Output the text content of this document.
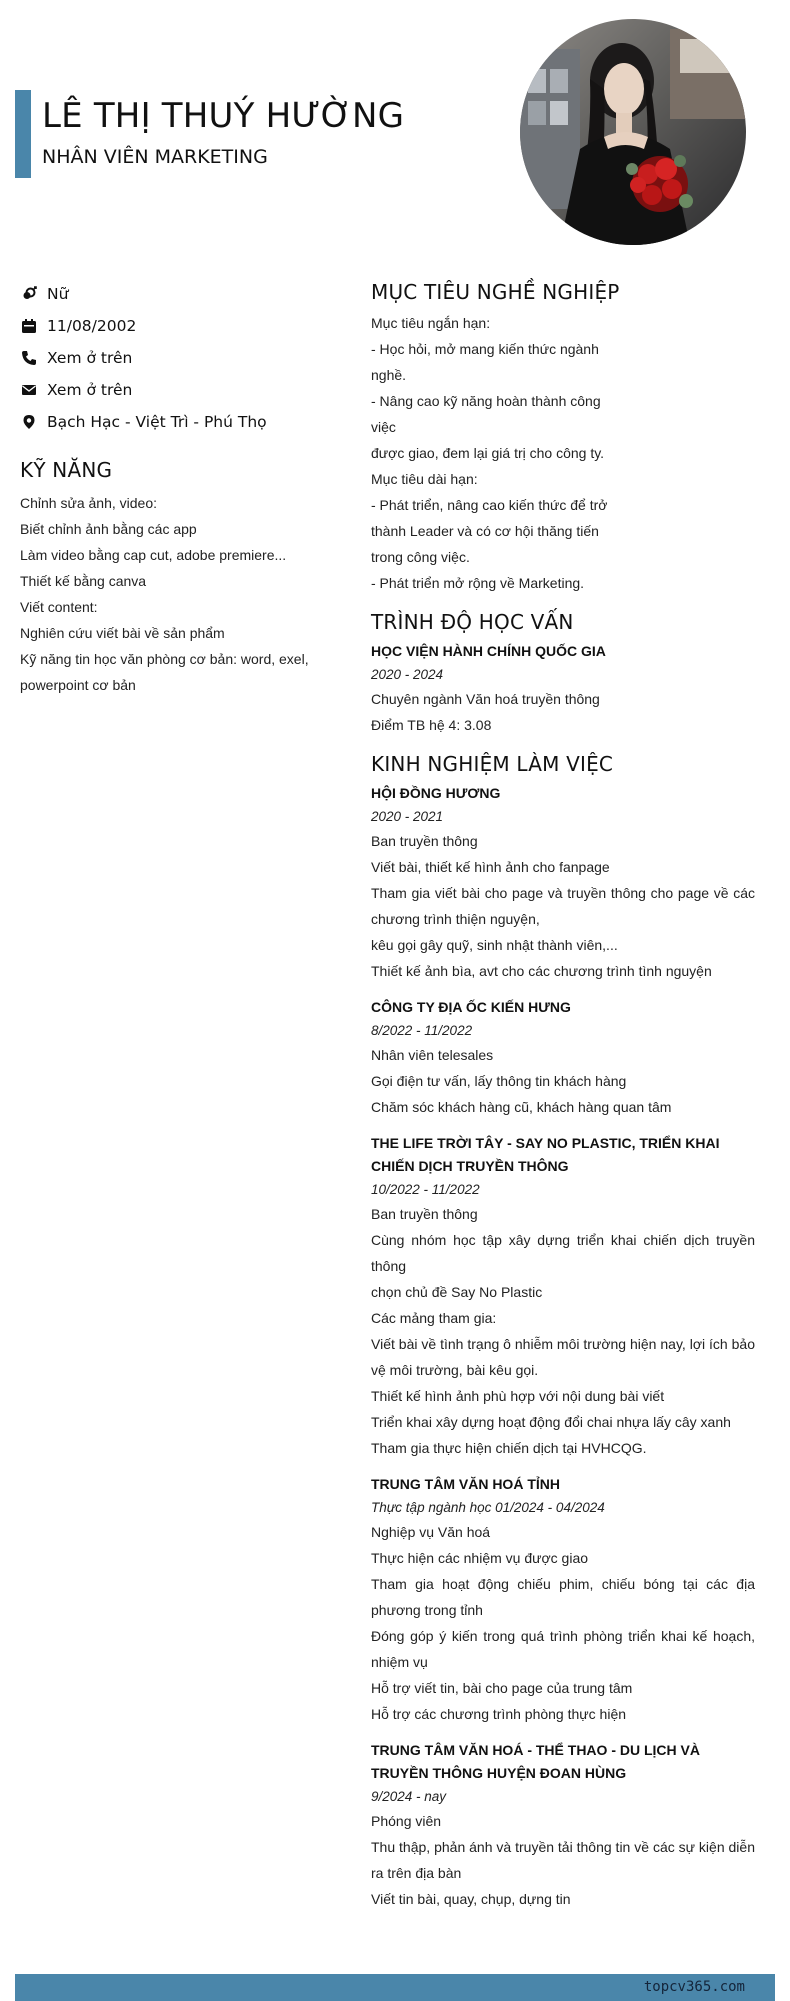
LÊ THỊ THUÝ HƯỜNG
NHÂN VIÊN MARKETING
Nữ
11/08/2002
Xem ở trên
Xem ở trên
Bạch Hạc - Việt Trì - Phú Thọ
KỸ NĂNG
Chỉnh sửa ảnh, video:
Biết chỉnh ảnh bằng các app
Làm video bằng cap cut, adobe premiere...
Thiết kế bằng canva
Viết content:
Nghiên cứu viết bài về sản phẩm
Kỹ năng tin học văn phòng cơ bản: word, exel,
powerpoint cơ bản
MỤC TIÊU NGHỀ NGHIỆP
Mục tiêu ngắn hạn:
- Học hỏi, mở mang kiến thức ngành
nghề.
- Nâng cao kỹ năng hoàn thành công
việc
được giao, đem lại giá trị cho công ty.
Mục tiêu dài hạn:
- Phát triển, nâng cao kiến thức để trở
thành Leader và có cơ hội thăng tiến
trong công việc.
- Phát triển mở rộng về Marketing.
TRÌNH ĐỘ HỌC VẤN
HỌC VIỆN HÀNH CHÍNH QUỐC GIA
2020 - 2024
Chuyên ngành Văn hoá truyền thông
Điểm TB hệ 4: 3.08
KINH NGHIỆM LÀM VIỆC
HỘI ĐỒNG HƯƠNG
2020 - 2021
Ban truyền thông
Viết bài, thiết kế hình ảnh cho fanpage
Tham gia viết bài cho page và truyền thông cho page về các chương trình thiện nguyện,
kêu gọi gây quỹ, sinh nhật thành viên,...
Thiết kế ảnh bìa, avt cho các chương trình tình nguyện
CÔNG TY ĐỊA ỐC KIẾN HƯNG
8/2022 - 11/2022
Nhân viên telesales
Gọi điện tư vấn, lấy thông tin khách hàng
Chăm sóc khách hàng cũ, khách hàng quan tâm
THE LIFE TRỜI TÂY - SAY NO PLASTIC, TRIỂN KHAI CHIẾN DỊCH TRUYỀN THÔNG
10/2022 - 11/2022
Ban truyền thông
Cùng nhóm học tập xây dựng triển khai chiến dịch truyền thông
chọn chủ đề Say No Plastic
Các mảng tham gia:
Viết bài về tình trạng ô nhiễm môi trường hiện nay, lợi ích bảo vệ môi trường, bài kêu gọi.
Thiết kế hình ảnh phù hợp với nội dung bài viết
Triển khai xây dựng hoạt động đổi chai nhựa lấy cây xanh
Tham gia thực hiện chiến dịch tại HVHCQG.
TRUNG TÂM VĂN HOÁ TỈNH
Thực tập ngành học 01/2024 - 04/2024
Nghiệp vụ Văn hoá
Thực hiện các nhiệm vụ được giao
Tham gia hoạt động chiếu phim, chiếu bóng tại các địa phương trong tỉnh
Đóng góp ý kiến trong quá trình phòng triển khai kế hoạch, nhiệm vụ
Hỗ trợ viết tin, bài cho page của trung tâm
Hỗ trợ các chương trình phòng thực hiện
TRUNG TÂM VĂN HOÁ - THỂ THAO - DU LỊCH VÀ TRUYỀN THÔNG HUYỆN ĐOAN HÙNG
9/2024 - nay
Phóng viên
Thu thập, phản ánh và truyền tải thông tin về các sự kiện diễn ra trên địa bàn
Viết tin bài, quay, chụp, dựng tin
topcv365.com
